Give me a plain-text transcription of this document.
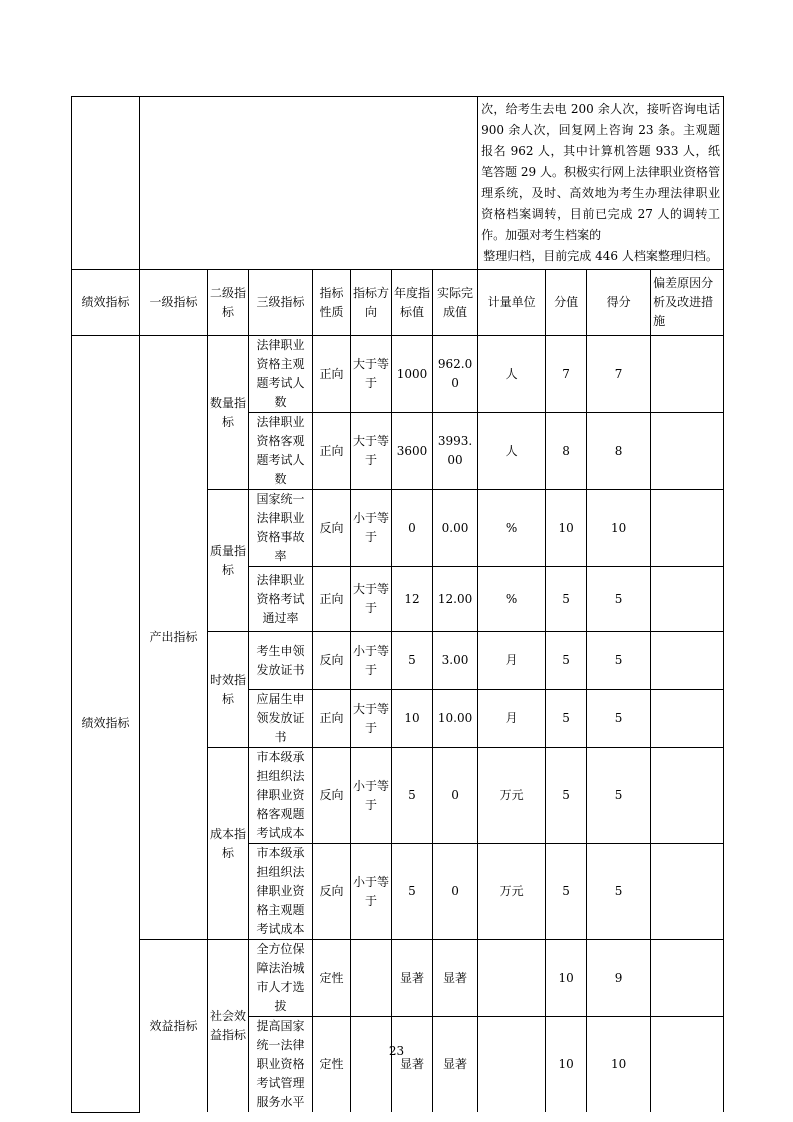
								次，给考生去电 200 余人次，接听咨询电话 900 余人次，回复网上咨询 23 条。主观题报名 962 人，其中计算机答题 933 人，纸笔答题 29 人。积极实行网上法律职业资格管理系统，及时、高效地为考生办理法律职业资格档案调转，目前已完成 27 人的调转工作。加强对考生档案的
整理归档，目前完成 446 人档案整理归档。			

绩效指标	一级指标	二级指标	三级指标	指标性质	指标方向	年度指标值	实际完成值	计量单位	分值	得分	偏差原因分析及改进措施
绩效指标	产出指标	数量指标	法律职业资格主观题考试人数	正向	大于等于	1000	962.00	人	7	7	
			法律职业资格客观题考试人数	正向	大于等于	3600	3993.00	人	8	8	
		质量指标	国家统一法律职业资格事故率	反向	小于等于	0	0.00	%	10	10	
			法律职业资格考试通过率	正向	大于等于	12	12.00	%	5	5	
		时效指标	考生申领发放证书	反向	小于等于	5	3.00	月	5	5	
			应届生申领发放证书	正向	大于等于	10	10.00	月	5	5	
		成本指标	市本级承担组织法律职业资格客观题考试成本	反向	小于等于	5	0	万元	5	5	
			市本级承担组织法律职业资格主观题考试成本	反向	小于等于	5	0	万元	5	5	
	效益指标	社会效益指标	全方位保障法治城市人才选拔	定性		显著	显著		10	9	
			提高国家统一法律职业资格考试管理服务水平	定性		显著	显著		10	10	
23
